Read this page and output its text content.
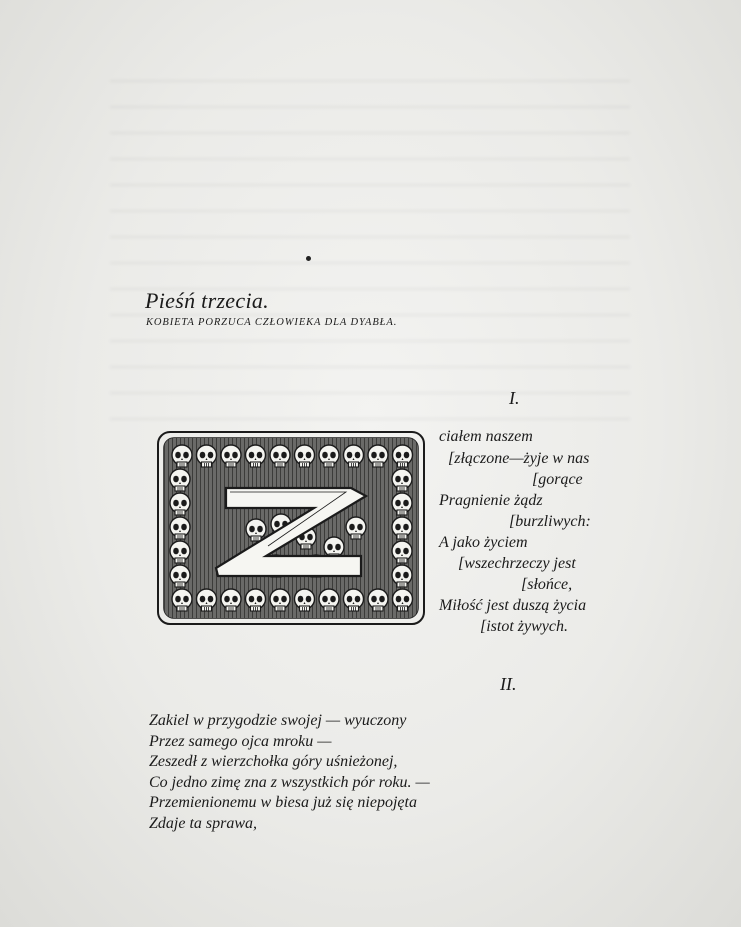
Pieśń trzecia.
KOBIETA PORZUCA CZŁOWIEKA DLA DYABŁA.
I.
ciałem naszem
[złączone—żyje w nas
[gorące
Pragnienie żądz
[burzliwych:
A jako życiem
[wszechrzeczy jest
[słońce,
Miłość jest duszą życia
[istot żywych.
II.
Zakiel w przygodzie swojej — wyuczony
Przez samego ojca mroku —
Zeszedł z wierzchołka góry uśnieżonej,
Co jedno zimę zna z wszystkich pór roku. —
Przemienionemu w biesa już się niepojęta
Zdaje ta sprawa,
